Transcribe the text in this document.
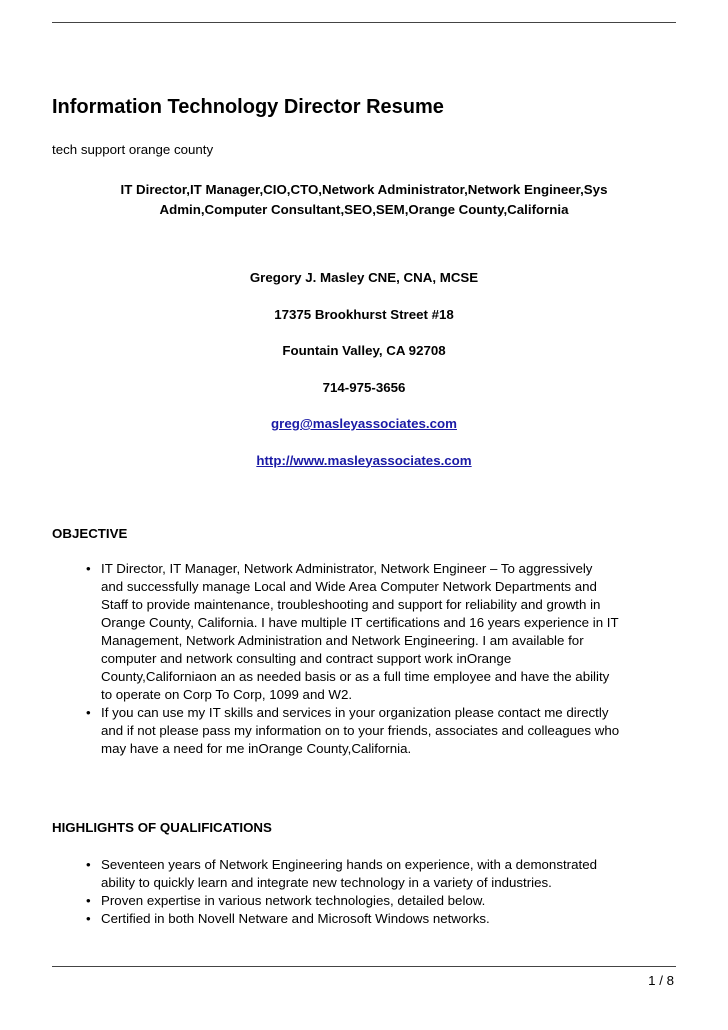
Information Technology Director Resume
tech support orange county
IT Director,IT Manager,CIO,CTO,Network Administrator,Network Engineer,Sys
Admin,Computer Consultant,SEO,SEM,Orange County,California
Gregory J. Masley CNE, CNA, MCSE
17375 Brookhurst Street #18
Fountain Valley, CA 92708
714-975-3656
greg@masleyassociates.com
http://www.masleyassociates.com
OBJECTIVE
• IT Director, IT Manager, Network Administrator, Network Engineer – To aggressively
and successfully manage Local and Wide Area Computer Network Departments and
Staff to provide maintenance, troubleshooting and support for reliability and growth in
Orange County, California. I have multiple IT certifications and 16 years experience in IT
Management, Network Administration and Network Engineering. I am available for
computer and network consulting and contract support work inOrange
County,Californiaon an as needed basis or as a full time employee and have the ability
to operate on Corp To Corp, 1099 and W2.
• If you can use my IT skills and services in your organization please contact me directly
and if not please pass my information on to your friends, associates and colleagues who
may have a need for me inOrange County,California.
HIGHLIGHTS OF QUALIFICATIONS
• Seventeen years of Network Engineering hands on experience, with a demonstrated
ability to quickly learn and integrate new technology in a variety of industries.
• Proven expertise in various network technologies, detailed below.
• Certified in both Novell Netware and Microsoft Windows networks.
1 / 8
